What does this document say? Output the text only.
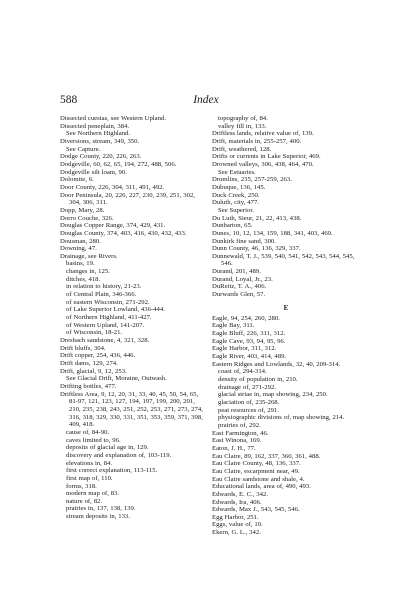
588	Index
Dissected cuestas, see Western Upland.
Dissected peneplain, 384.
See Northern Highland.
Diversions, stream, 349, 350.
See Capture.
Dodge County, 220, 226, 263.
Dodgeville, 60, 62, 65, 194, 272, 488, 506.
Dodgeville silt loam, 90.
Dolomite, 6.
Door County, 226, 304, 311, 491, 492.
Door Peninsula, 20, 226, 227, 230, 239, 251, 302, 304, 306, 311.
Dopp, Mary, 28.
Dorro Couche, 326.
Douglas Copper Range, 374, 429, 431.
Douglas County, 374, 403, 416, 430, 432, 433.
Dousman, 280.
Downing, 47.
Drainage, see Rivers.
basins, 19.
changes in, 125.
ditches, 418.
in relation to history, 21-23.
of Central Plain, 346-366.
of eastern Wisconsin, 271-292.
of Lake Superior Lowland, 436-444.
of Northern Highland, 411-427.
of Western Upland, 141-207.
of Wisconsin, 18-21.
Dresbach sandstone, 4, 321, 328.
Drift bluffs, 304.
Drift copper, 254, 436, 446.
Drift dams, 129, 274.
Drift, glacial, 9, 12, 253.
See Glacial Drift, Moraine, Outwash.
Drifting bottles, 477.
Driftless Area, 9, 12, 20, 31, 33, 40, 45, 50, 54, 65, 81-97, 121, 123, 127, 194, 197, 199, 200, 201, 210, 235, 238, 243, 251, 252, 253, 271, 273, 274, 316, 318, 329, 330, 331, 351, 353, 359, 371, 398, 409, 418.
cause of, 84-90.
caves limited to, 96.
deposits of glacial age in, 129.
discovery and explanation of, 103-119.
elevations in, 84.
first correct explanation, 113-115.
first map of, 110.
forms, 318.
modern map of, 83.
nature of, 82.
prairies in, 137, 138, 139.
stream deposits in, 133.
topography of, 84.
valley fill in, 133.
Driftless lands, relative value of, 139.
Drift, materials in, 255-257, 400.
Drift, weathered, 128.
Drifts or currents in Lake Superior, 469.
Drowned valleys, 306, 438, 464, 470.
See Estuaries.
Drumlins, 235, 257-259, 263.
Dubuque, 136, 145.
Duck Creek, 250.
Duluth, city, 477.
See Superior.
Du Luth, Sieur, 21, 22, 413, 438.
Dunbarton, 65.
Dunes, 10, 12, 134, 159, 188, 341, 403, 469.
Dunkirk fine sand, 300.
Dunn County, 46, 136, 329, 337.
Dunnewald, T. J., 539, 540, 541, 542, 543, 544, 545, 546.
Durand, 201, 489.
Durand, Loyal, Jr., 23.
DuReitz, T. A., 406.
Durwards Glen, 57.
E
Eagle, 94, 254, 260, 280.
Eagle Bay, 311.
Eagle Bluff, 226, 311, 312.
Eagle Cave, 93, 94, 95, 96.
Eagle Harbor, 311, 312.
Eagle River, 403, 414, 489.
Eastern Ridges and Lowlands, 32, 40, 209-314.
coast of, 294-314.
density of population in, 210.
drainage of, 271-292.
glacial striae in, map showing, 234, 250.
glaciation of, 235-268.
peat resources of, 291.
physiographic divisions of, map showing, 214.
prairies of, 292.
East Farmington, 46.
East Winona, 169.
Eaton, J. H., 77.
Eau Claire, 89, 162, 337, 360, 361, 488.
Eau Claire County, 48, 136, 337.
Eau Claire, escarpment near, 49.
Eau Claire sandstone and shale, 4.
Educational lands, area of, 490, 493.
Edwards, E. C., 342.
Edwards, Ira, 406.
Edwards, Max J., 543, 545, 546.
Egg Harbor, 251.
Eggs, value of, 10.
Ekern, G. L., 342.
